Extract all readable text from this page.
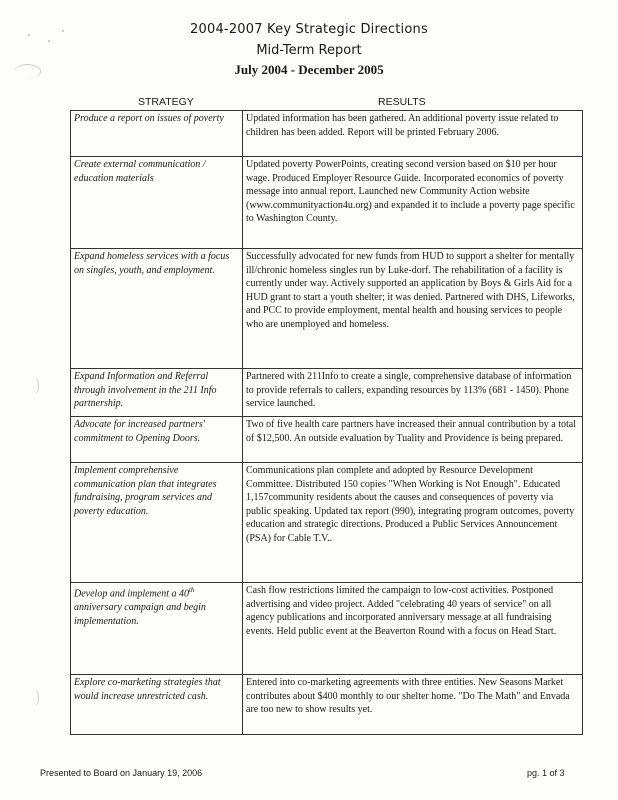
2004-2007 Key Strategic Directions
Mid-Term Report
July 2004 - December 2005
STRATEGY	RESULTS
Produce a report on issues of poverty	Updated information has been gathered. An additional poverty issue related to children has been added. Report will be printed February 2006.
Create external communication / education materials	Updated poverty PowerPoints, creating second version based on $10 per hour wage. Produced Employer Resource Guide. Incorporated economics of poverty message into annual report. Launched new Community Action website (www.communityaction4u.org) and expanded it to include a poverty page specific to Washington County.
Expand homeless services with a focus on singles, youth, and employment.	Successfully advocated for new funds from HUD to support a shelter for mentally ill/chronic homeless singles run by Luke-dorf. The rehabilitation of a facility is currently under way. Actively supported an application by Boys & Girls Aid for a HUD grant to start a youth shelter; it was denied. Partnered with DHS, Lifeworks, and PCC to provide employment, mental health and housing services to people who are unemployed and homeless.
Expand Information and Referral through involvement in the 211 Info partnership.	Partnered with 211Info to create a single, comprehensive database of information to provide referrals to callers, expanding resources by 113% (681 - 1450). Phone service launched.
Advocate for increased partners' commitment to Opening Doors.	Two of five health care partners have increased their annual contribution by a total of $12,500. An outside evaluation by Tuality and Providence is being prepared.
Implement comprehensive communication plan that integrates fundraising, program services and poverty education.	Communications plan complete and adopted by Resource Development Committee. Distributed 150 copies "When Working is Not Enough". Educated 1,157community residents about the causes and consequences of poverty via public speaking. Updated tax report (990), integrating program outcomes, poverty education and strategic directions. Produced a Public Services Announcement (PSA) for Cable T.V..
Develop and implement a 40th anniversary campaign and begin implementation.	Cash flow restrictions limited the campaign to low-cost activities. Postponed advertising and video project. Added "celebrating 40 years of service" on all agency publications and incorporated anniversary message at all fundraising events. Held public event at the Beaverton Round with a focus on Head Start.
Explore co-marketing strategies that would increase unrestricted cash.	Entered into co-marketing agreements with three entities. New Seasons Market contributes about $400 monthly to our shelter home. "Do The Math" and Envada are too new to show results yet.
Presented to Board on January 19, 2006	pg. 1 of 3
